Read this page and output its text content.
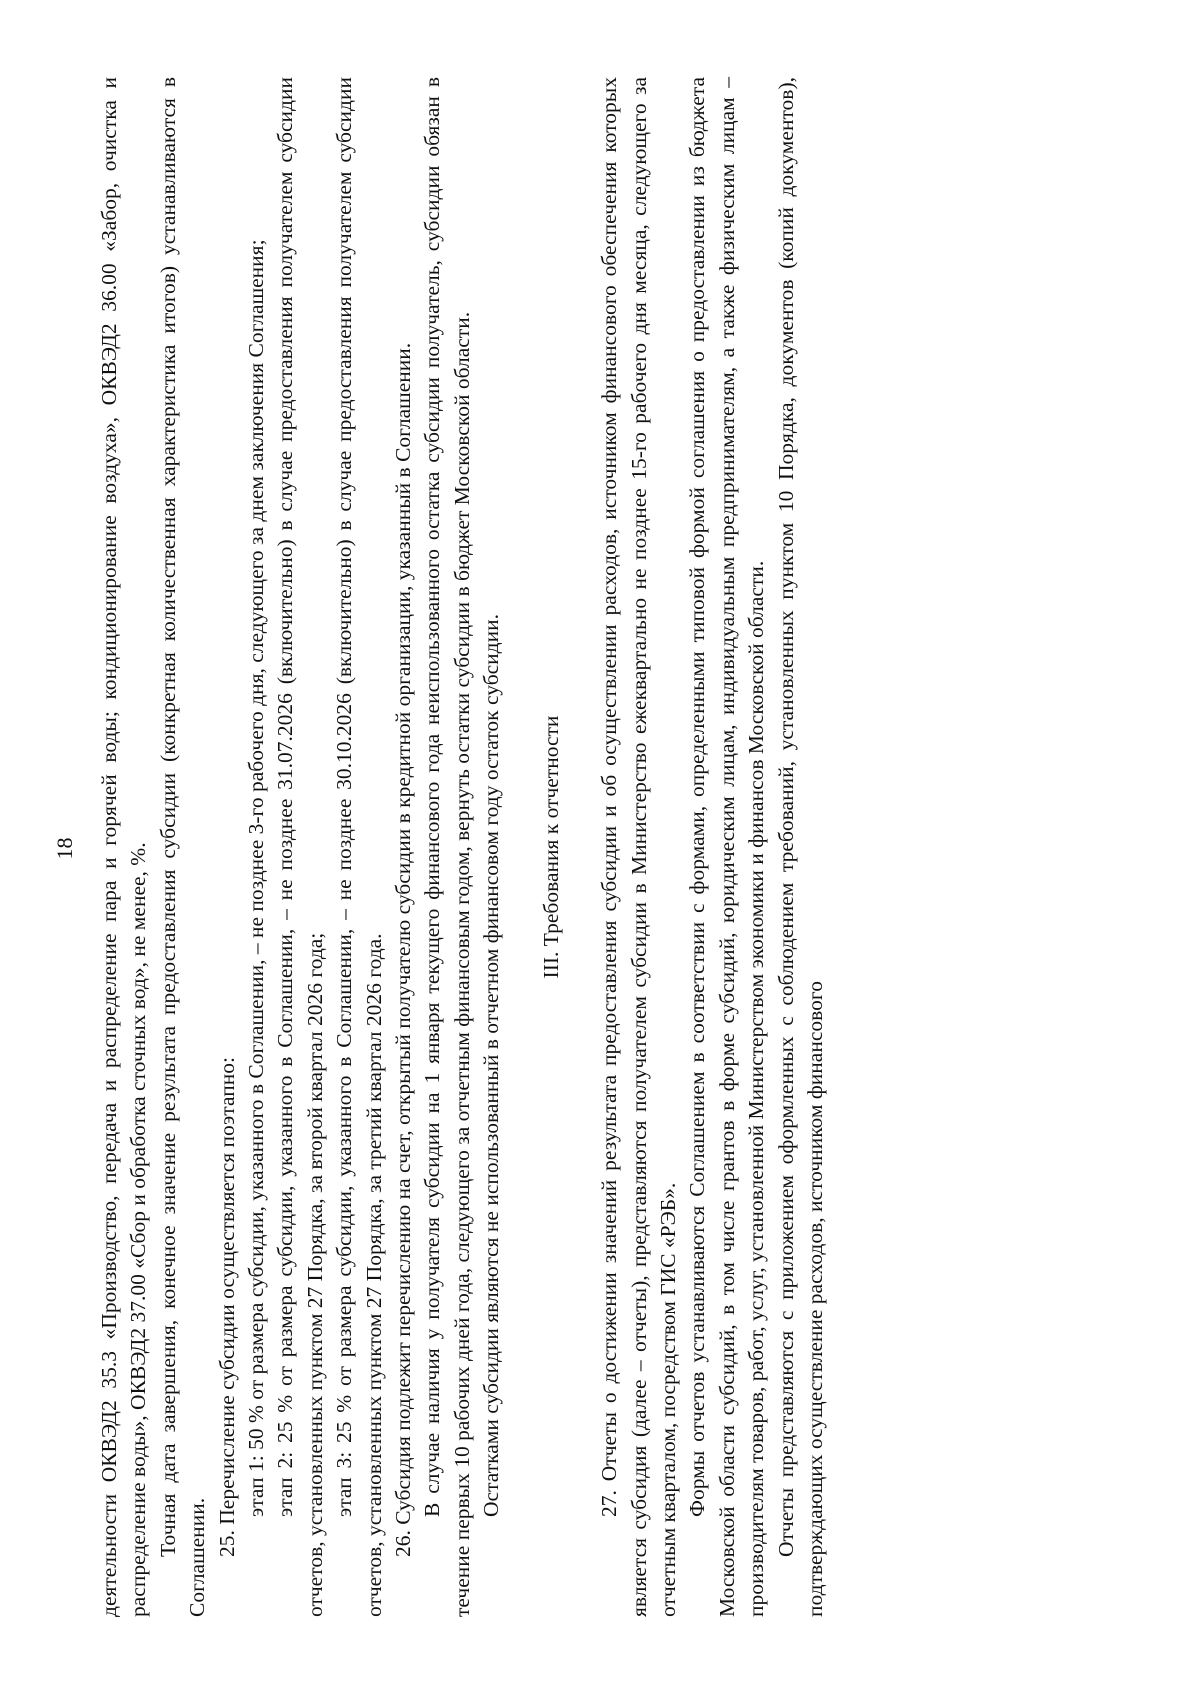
18 деятельности ОКВЭД2 35.3 «Производство, передача и распределение пара и горячей воды; кондиционирование воздуха», ОКВЭД2 36.00 «Забор, очистка и распределение воды», ОКВЭД2 37.00 «Сбор и обработка сточных вод», не менее, %. Точная дата завершения, конечное значение результата предоставления субсидии (конкретная количественная характеристика итогов) устанавливаются в Соглашении.

25. Перечисление субсидии осуществляется поэтапно: этап 1: 50 % от размера субсидии, указанного в Соглашении, – не позднее 3-го рабочего дня, следующего за днем заключения Соглашения; этап 2: 25 % от размера субсидии, указанного в Соглашении, – не позднее 31.07.2026 (включительно) в случае предоставления получателем субсидии отчетов, установленных пунктом 27 Порядка, за второй квартал 2026 года; этап 3: 25 % от размера субсидии, указанного в Соглашении, – не позднее 30.10.2026 (включительно) в случае предоставления получателем субсидии отчетов, установленных пунктом 27 Порядка, за третий квартал 2026 года. 26. Субсидия подлежит перечислению на счет, открытый получателю субсидии в кредитной организации, указанный в Соглашении. В случае наличия у получателя субсидии на 1 января текущего финансового года неиспользованного остатка субсидии получатель, субсидии обязан в течение первых 10 рабочих дней года, следующего за отчетным финансовым годом, вернуть остатки субсидии в бюджет Московской области. Остатками субсидии являются не использованный в отчетном финансовом году остаток субсидии. III. Требования к отчетности 27. Отчеты о достижении значений результата предоставления субсидии и об осуществлении расходов, источником финансового обеспечения которых является субсидия (далее – отчеты), представляются получателем субсидии в Министерство ежеквартально не позднее 15-го рабочего дня месяца, следующего за отчетным кварталом, посредством ГИС «РЭБ». Формы отчетов устанавливаются Соглашением в соответствии с формами, определенными типовой формой соглашения о предоставлении из бюджета Московской области субсидий, в том числе грантов в форме субсидий, юридическим лицам, индивидуальным предпринимателям, а также физическим лицам – производителям товаров, работ, услуг, установленной Министерством экономики и финансов Московской области. Отчеты представляются с приложением оформленных с соблюдением требований, установленных пунктом 10 Порядка, документов (копий документов), подтверждающих осуществление расходов, источником финансового
